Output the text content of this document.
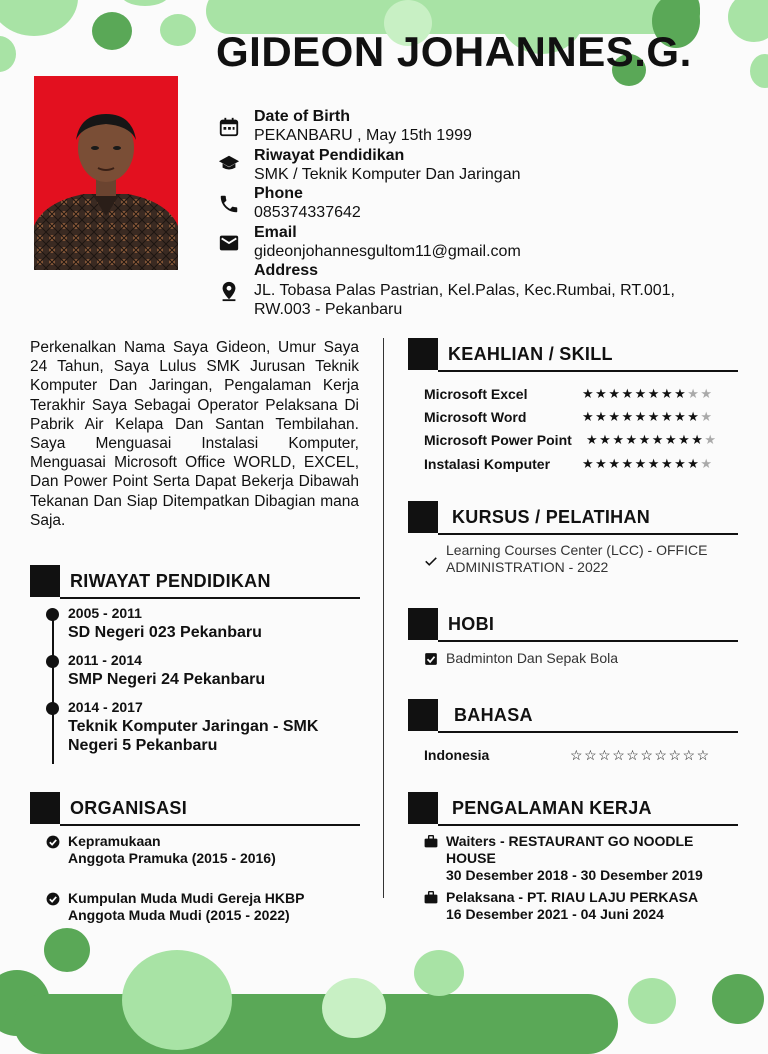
GIDEON JOHANNES.G.
Date of Birth
PEKANBARU , May 15th 1999
Riwayat Pendidikan
SMK / Teknik Komputer Dan Jaringan
Phone
085374337642
Email
gideonjohannesgultom11@gmail.com
Address
JL. Tobasa Palas Pastrian, Kel.Palas, Kec.Rumbai, RT.001, RW.003 - Pekanbaru

Perkenalkan Nama Saya Gideon, Umur Saya 24 Tahun, Saya Lulus SMK Jurusan Teknik Komputer Dan Jaringan, Pengalaman Kerja Terakhir Saya Sebagai Operator Pelaksana Di Pabrik Air Kelapa Dan Santan Tembilahan. Saya Menguasai Instalasi Komputer, Menguasai Microsoft Office WORLD, EXCEL, Dan Power Point Serta Dapat Bekerja Dibawah Tekanan Dan Siap Ditempatkan Dibagian mana Saja.

RIWAYAT PENDIDIKAN
2005 - 2011
SD Negeri 023 Pekanbaru
2011 - 2014
SMP Negeri 24 Pekanbaru
2014 - 2017
Teknik Komputer Jaringan - SMK Negeri 5 Pekanbaru
ORGANISASI
Kepramukaan
Anggota Pramuka (2015 - 2016)
Kumpulan Muda Mudi Gereja HKBP
Anggota Muda Mudi (2015 - 2022)
KEAHLIAN / SKILL
Microsoft Excel	★★★★★★★★★★
Microsoft Word	★★★★★★★★★★
Microsoft Power Point ★★★★★★★★★★
Instalasi Komputer ★★★★★★★★★★
KURSUS / PELATIHAN
Learning Courses Center (LCC) - OFFICE ADMINISTRATION - 2022
HOBI
Badminton Dan Sepak Bola
BAHASA
Indonesia	☆☆☆☆☆☆☆☆☆☆
PENGALAMAN KERJA
Waiters - RESTAURANT GO NOODLE HOUSE
30 Desember 2018 - 30 Desember 2019
Pelaksana - PT. RIAU LAJU PERKASA
16 Desember 2021 - 04 Juni 2024
